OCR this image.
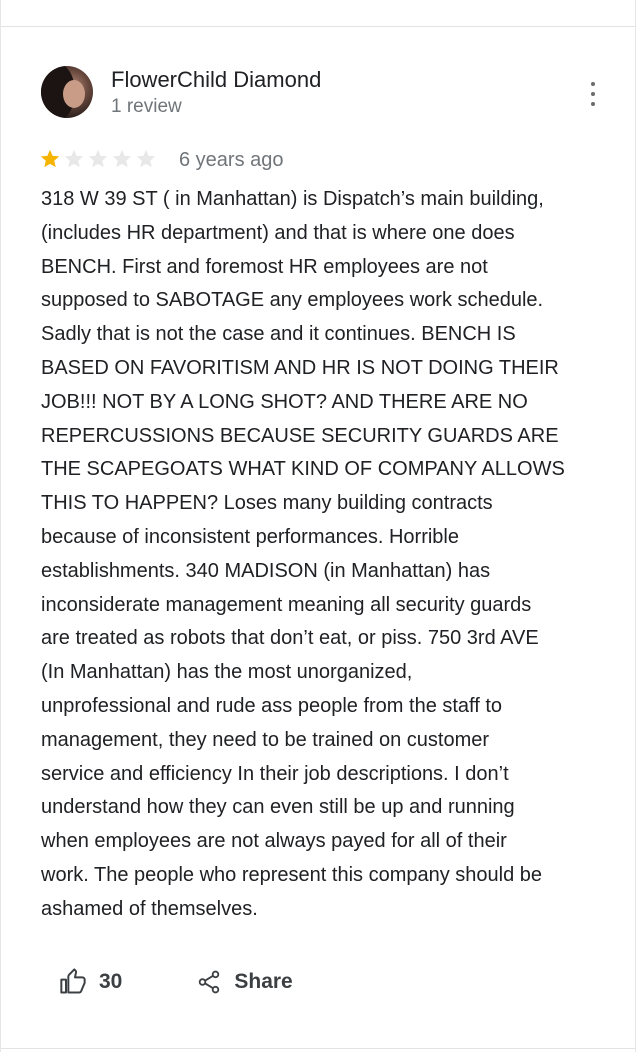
FlowerChild Diamond
1 review
6 years ago
318 W 39 ST ( in Manhattan) is Dispatch’s main building,
(includes HR department) and that is where one does
BENCH. First and foremost HR employees are not
supposed to SABOTAGE any employees work schedule.
Sadly that is not the case and it continues. BENCH IS
BASED ON FAVORITISM AND HR IS NOT DOING THEIR
JOB!!! NOT BY A LONG SHOT? AND THERE ARE NO
REPERCUSSIONS BECAUSE SECURITY GUARDS ARE
THE SCAPEGOATS WHAT KIND OF COMPANY ALLOWS
THIS TO HAPPEN? Loses many building contracts
because of inconsistent performances. Horrible
establishments. 340 MADISON (in Manhattan) has
inconsiderate management meaning all security guards
are treated as robots that don’t eat, or piss. 750 3rd AVE
(In Manhattan) has the most unorganized,
unprofessional and rude ass people from the staff to
management, they need to be trained on customer
service and efficiency In their job descriptions. I don’t
understand how they can even still be up and running
when employees are not always payed for all of their
work. The people who represent this company should be
ashamed of themselves.
30	Share
